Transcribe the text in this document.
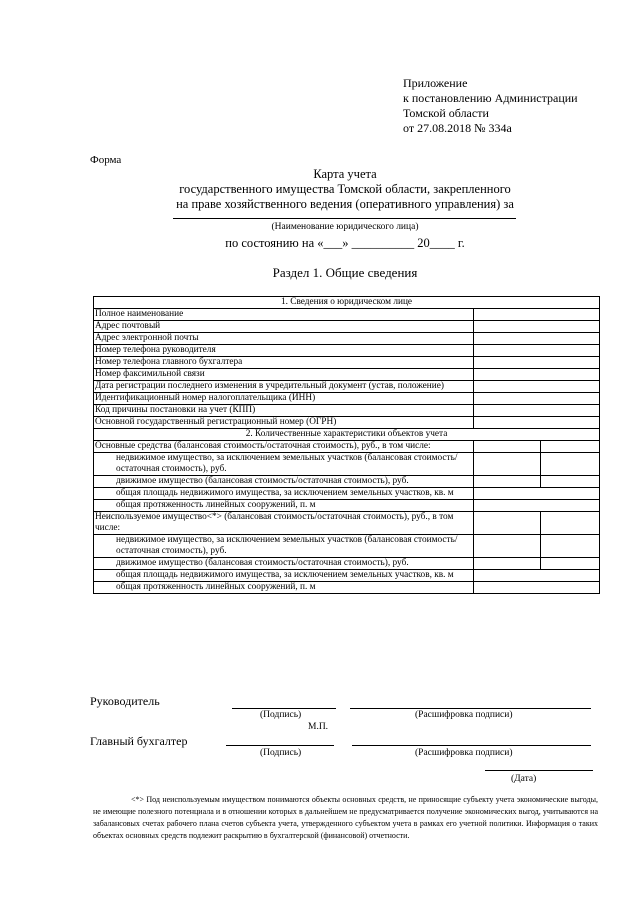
Приложение
к постановлению Администрации
Томской области
от 27.08.2018 № 334а
Форма
Карта учета
государственного имущества Томской области, закрепленного
на праве хозяйственного ведения (оперативного управления) за
(Наименование юридического лица)
по состоянию на «___» __________ 20____ г.
Раздел 1. Общие сведения
1. Сведения о юридическом лице		
Полное наименование		
Адрес почтовый		
Адрес электронной почты		
Номер телефона руководителя		
Номер телефона главного бухгалтера		
Номер факсимильной связи		
Дата регистрации последнего изменения в учредительный документ (устав, положение)		
Идентификационный номер налогоплательщика (ИНН)		
Код причины постановки на учет (КПП)		
Основной государственный регистрационный номер (ОГРН)		
2. Количественные характеристики объектов учета		
Основные средства (балансовая стоимость/остаточная стоимость), руб., в том числе:		
недвижимое имущество, за исключением земельных участков (балансовая стоимость/остаточная стоимость), руб.		
движимое имущество (балансовая стоимость/остаточная стоимость), руб.		
общая площадь недвижимого имущества, за исключением земельных участков, кв. м		
общая протяженность линейных сооружений, п. м		
Неиспользуемое имущество<*> (балансовая стоимость/остаточная стоимость), руб., в том числе:		
недвижимое имущество, за исключением земельных участков (балансовая стоимость/остаточная стоимость), руб.		
движимое имущество (балансовая стоимость/остаточная стоимость), руб.		
общая площадь недвижимого имущества, за исключением земельных участков, кв. м		
общая протяженность линейных сооружений, п. м		
Руководитель
(Подпись)	(Расшифровка подписи)
М.П.
Главный бухгалтер
(Подпись)	(Расшифровка подписи)
(Дата)
<*> Под неиспользуемым имуществом понимаются объекты основных средств, не приносящие субъекту учета экономические выгоды, не имеющие полезного потенциала и в отношении которых в дальнейшем не предусматривается получение экономических выгод, учитываются на забалансовых счетах рабочего плана счетов субъекта учета, утвержденного субъектом учета в рамках его учетной политики. Информация о таких объектах основных средств подлежит раскрытию в бухгалтерской (финансовой) отчетности.
